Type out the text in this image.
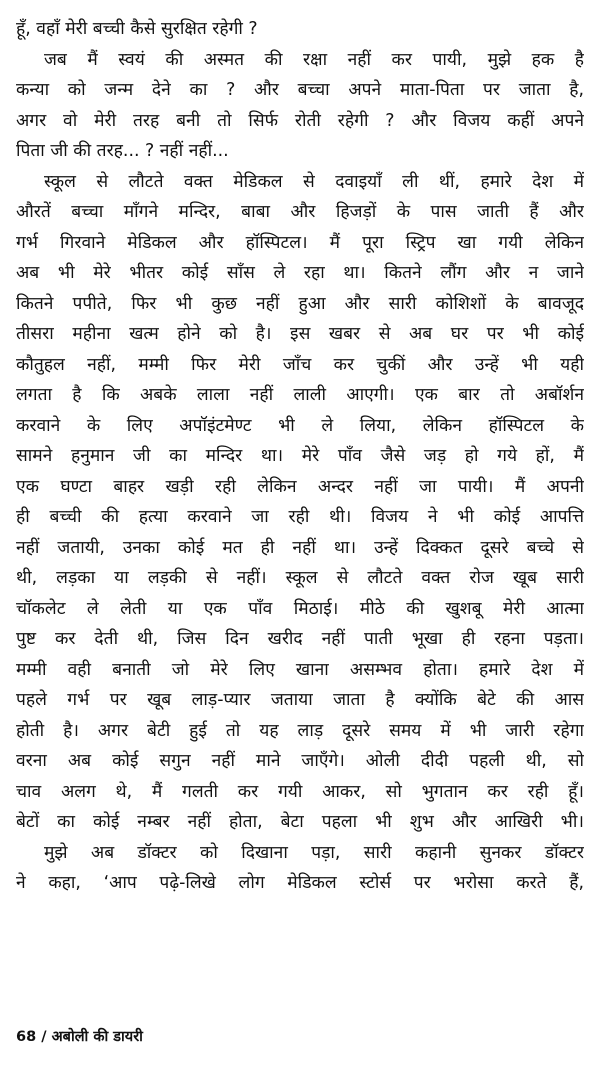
हूँ, वहाँ मेरी बच्ची कैसे सुरक्षित रहेगी ?
जब मैं स्वयं की अस्मत की रक्षा नहीं कर पायी, मुझे हक है
कन्या को जन्म देने का ? और बच्चा अपने माता-पिता पर जाता है,
अगर वो मेरी तरह बनी तो सिर्फ रोती रहेगी ? और विजय कहीं अपने
पिता जी की तरह... ? नहीं नहीं...
स्कूल से लौटते वक्त मेडिकल से दवाइयाँ ली थीं, हमारे देश में
औरतें बच्चा माँगने मन्दिर, बाबा और हिजड़ों के पास जाती हैं और
गर्भ गिरवाने मेडिकल और हॉस्पिटल। मैं पूरा स्ट्रिप खा गयी लेकिन
अब भी मेरे भीतर कोई साँस ले रहा था। कितने लौंग और न जाने
कितने पपीते, फिर भी कुछ नहीं हुआ और सारी कोशिशों के बावजूद
तीसरा महीना खत्म होने को है। इस खबर से अब घर पर भी कोई
कौतुहल नहीं, मम्मी फिर मेरी जाँच कर चुकीं और उन्हें भी यही
लगता है कि अबके लाला नहीं लाली आएगी। एक बार तो अबॉर्शन
करवाने के लिए अपॉइंटमेण्ट भी ले लिया, लेकिन हॉस्पिटल के
सामने हनुमान जी का मन्दिर था। मेरे पाँव जैसे जड़ हो गये हों, मैं
एक घण्टा बाहर खड़ी रही लेकिन अन्दर नहीं जा पायी। मैं अपनी
ही बच्ची की हत्या करवाने जा रही थी। विजय ने भी कोई आपत्ति
नहीं जतायी, उनका कोई मत ही नहीं था। उन्हें दिक्कत दूसरे बच्चे से
थी, लड़का या लड़की से नहीं। स्कूल से लौटते वक्त रोज खूब सारी
चॉकलेट ले लेती या एक पाँव मिठाई। मीठे की खुशबू मेरी आत्मा
पुष्ट कर देती थी, जिस दिन खरीद नहीं पाती भूखा ही रहना पड़ता।
मम्मी वही बनाती जो मेरे लिए खाना असम्भव होता। हमारे देश में
पहले गर्भ पर खूब लाड़-प्यार जताया जाता है क्योंकि बेटे की आस
होती है। अगर बेटी हुई तो यह लाड़ दूसरे समय में भी जारी रहेगा
वरना अब कोई सगुन नहीं माने जाएँगे। ओली दीदी पहली थी, सो
चाव अलग थे, मैं गलती कर गयी आकर, सो भुगतान कर रही हूँ।
बेटों का कोई नम्बर नहीं होता, बेटा पहला भी शुभ और आखिरी भी।
मुझे अब डॉक्टर को दिखाना पड़ा, सारी कहानी सुनकर डॉक्टर
ने कहा, ‘आप पढ़े-लिखे लोग मेडिकल स्टोर्स पर भरोसा करते हैं,
68 / अबोली की डायरी
